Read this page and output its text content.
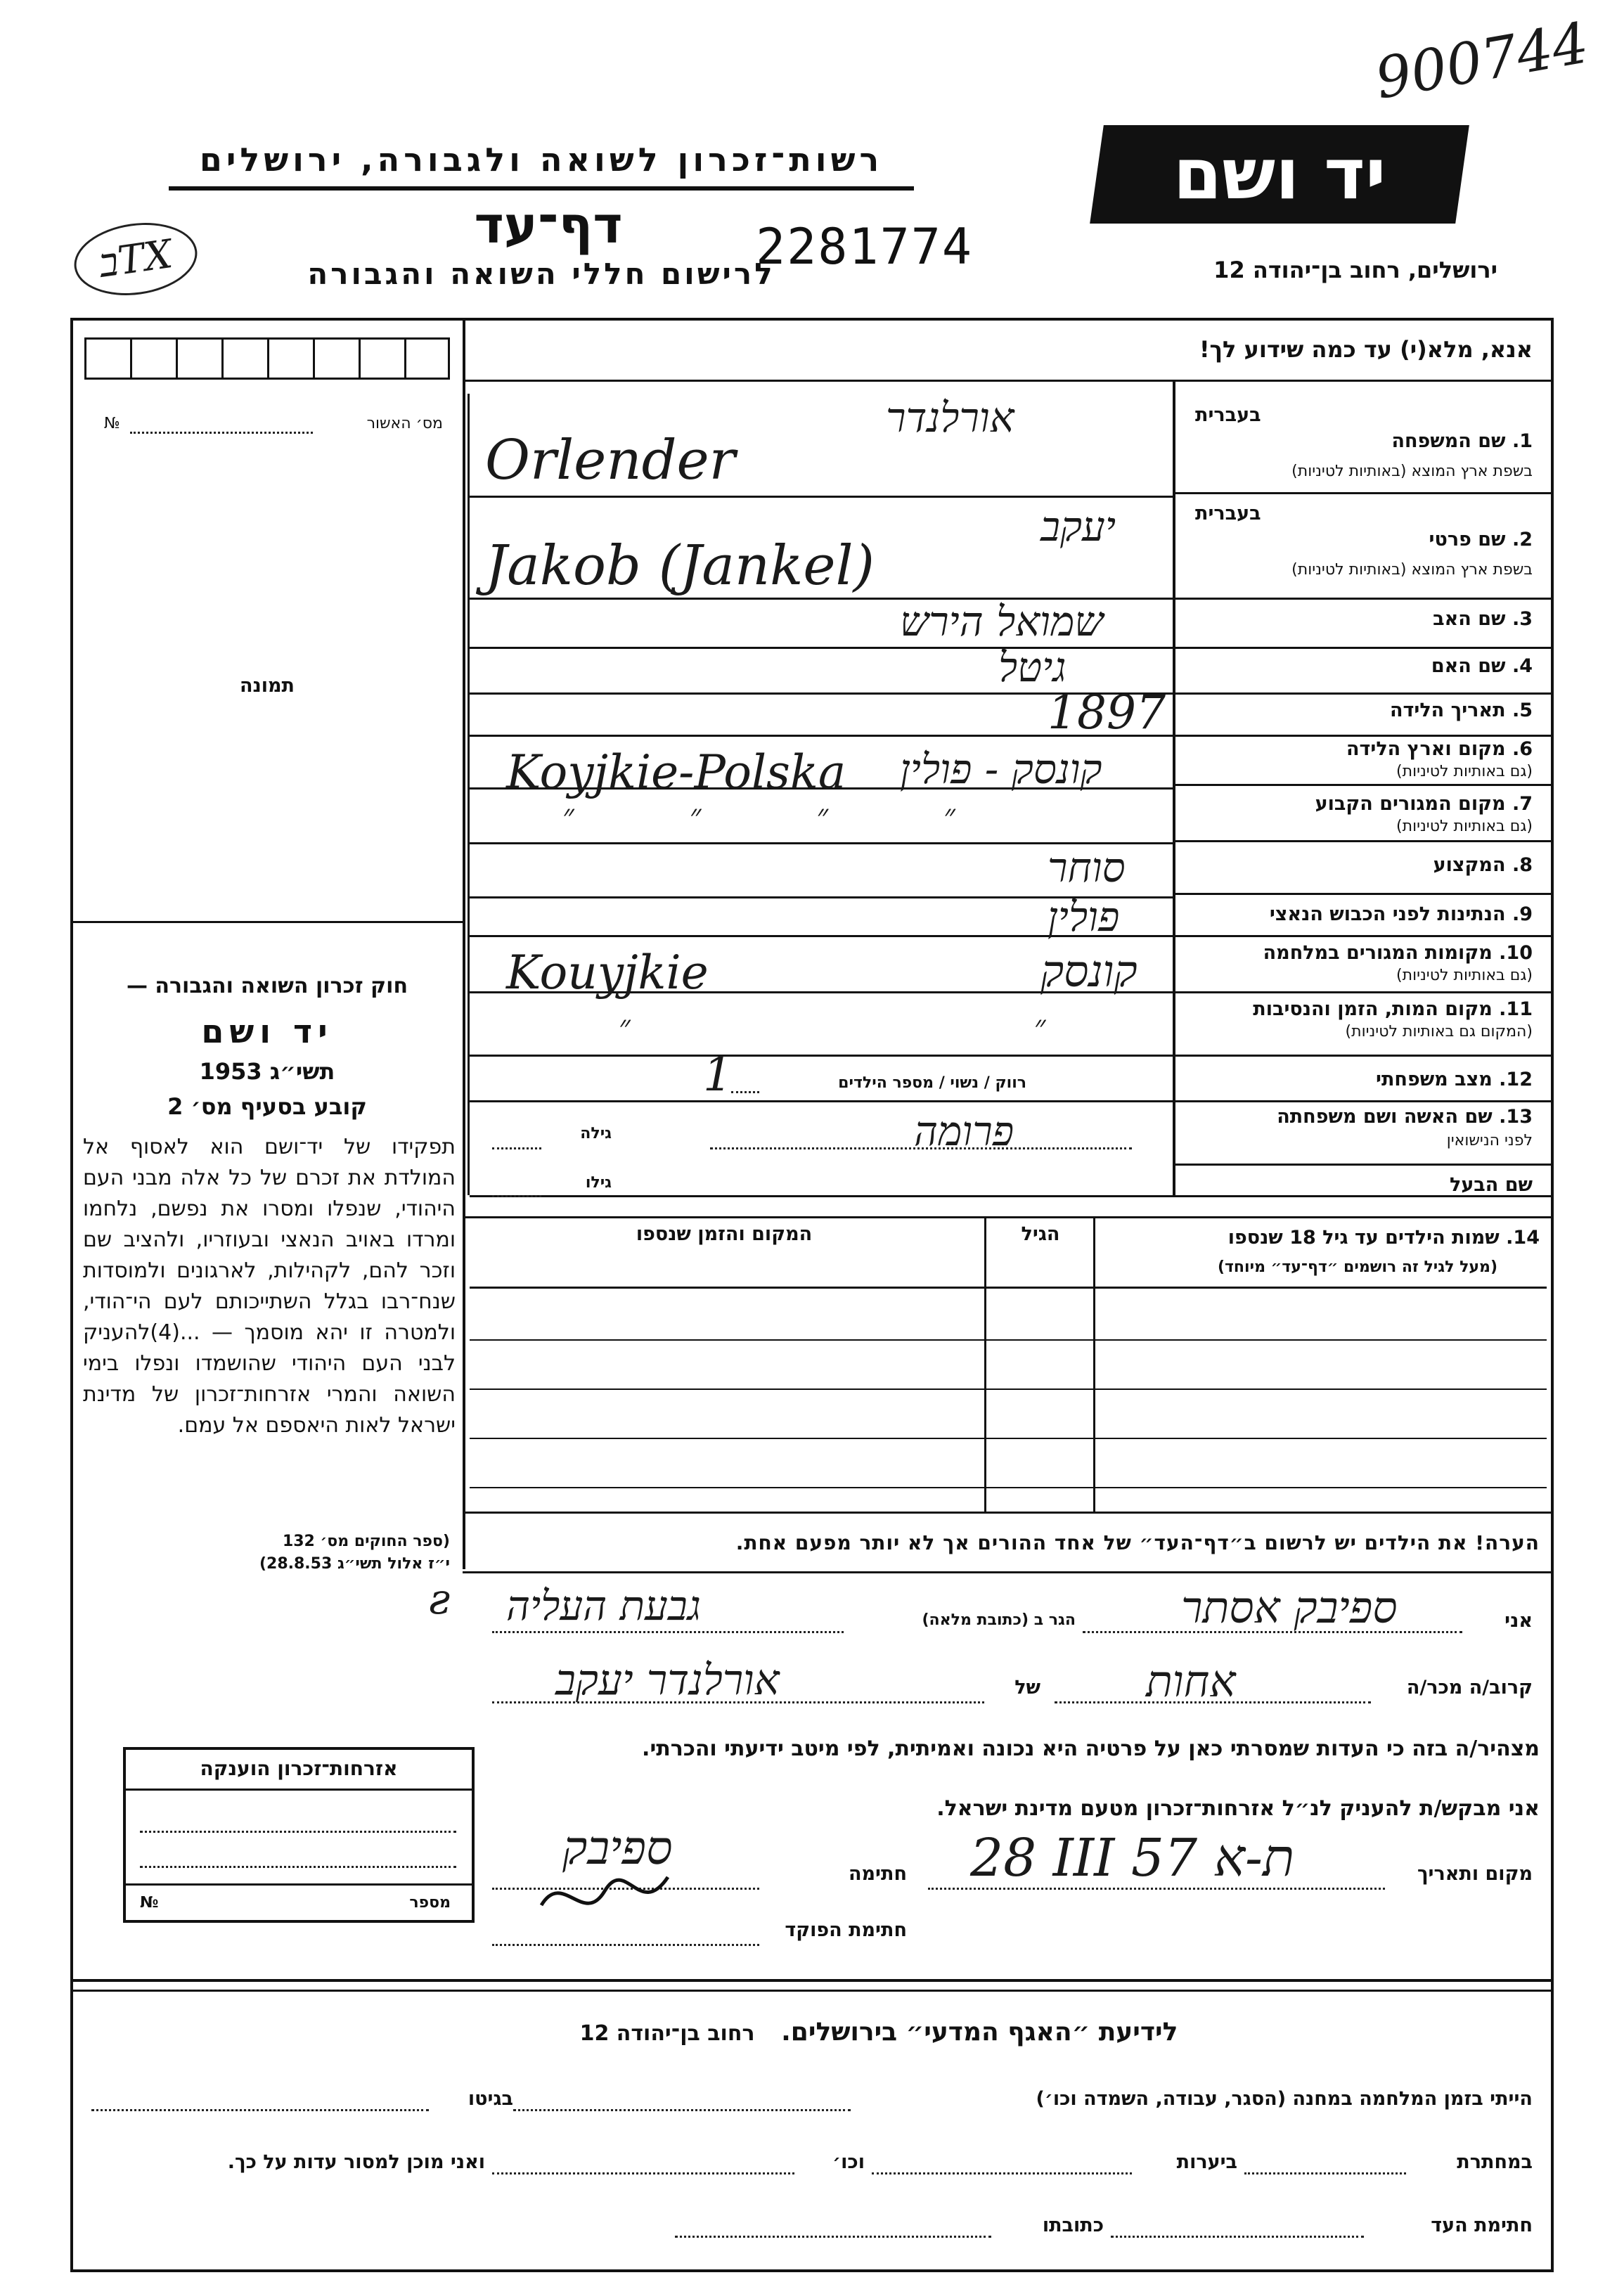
900744
רשות־זכרון לשואה ולגבורה, ירושלים
דף־עד
לרישום חללי השואה והגבורה
2281774
בTX
יד ושם
ירושלים, רחוב בן־יהודה 12
מס׳ האשור
№
תמונה
חוק זכרון השואה והגבורה —
יד ושם
תשי״ג 1953
קובע בסעיף מס׳ 2
תפקידו של יד־ושם הוא לאסוף אל המולדת את זכרם של כל אלה מבני העם היהודי, שנפלו ומסרו את נפשם, נלחמו ומרדו באויב הנאצי ובעוזריו, ולהציב שם וזכר להם, לקהילות, לארגונים ולמוסדות שנח־רבו בגלל השתייכותם לעם הי־הודי, ולמטרה זו יהא מוסמך — ...(4)להעניק לבני העם היהודי שהושמדו ונפלו בימי השואה והמרי אזרחות־זכרון של מדינת ישראל לאות היאספם אל עמם.
(ספר החוקים מס׳ 132
י״ז אלול תשי״ג 28.8.53)
אזרחות־זכרון הוענקה
מספר
№
אנא, מלא(י) עד כמה שידוע לך!
בעברית
1. שם המשפחה
בשפת ארץ המוצא (באותיות לטיניות)
אורלנדר
Orlender
בעברית
2. שם פרטי
בשפת ארץ המוצא (באותיות לטיניות)
יעקב
Jakob (Jankel)
3. שם האב
שמואל הירש
4. שם האם
גיטל
5. תאריך הלידה
1897
6. מקום וארץ הלידה
(גם באותיות לטיניות)
קונסק - פולין
Koyjkie-Polska
7. מקום המגורים הקבוע
(גם באותיות לטיניות)
״ ״ ״ ״
8. המקצוע
סוחר
9. הנתינות לפני הכבוש הנאצי
פולין
10. מקומות המגורים במלחמה
(גם באותיות לטיניות)
קונסק
Kouyjkie
11. מקום המות, הזמן והנסיבות
(המקום גם באותיות לטיניות)
״ ״
12. מצב משפחתי
רווק / נשוי / מספר הילדים
1
13. שם האשה ושם משפחתה
לפני הנישואין
פרומה
גילה
שם הבעל
גילו
14. שמות הילדים עד גיל 18 שנספו
(מעל לגיל זה רושמים ״דף־עד״ מיוחד)
הגיל
המקום והזמן שנספו
הערה! את הילדים יש לרשום ב״דף־העד״ של אחד ההורים אך לא יותר מפעם אחת.
אני
ספיבק אסתר
הגר ב (כתובת מלאה)
גבעת העליה
ƨ
קרוב/ה מכר/ה
אחות
של
אורלנדר יעקב
מצהיר/ה בזה כי העדות שמסרתי כאן על פרטיה היא נכונה ואמיתית, לפי מיטב ידיעתי והכרתי.
אני מבקש/ת להעניק לנ״ל אזרחות־זכרון מטעם מדינת ישראל.
מקום ותאריך
28 III 57 ת-א
חתימה
ספיבק
חתימת הפוקד
לידיעת ״האגף המדעי״ בירושלים.   רחוב בן־יהודה 12
הייתי בזמן המלחמה במחנה (הסגר, עבודה, השמדה וכו׳)
בגיטו
במחתרת
ביערות
וכו׳
ואני מוכן למסור עדות על כך.
חתימת העד
כתובתו
